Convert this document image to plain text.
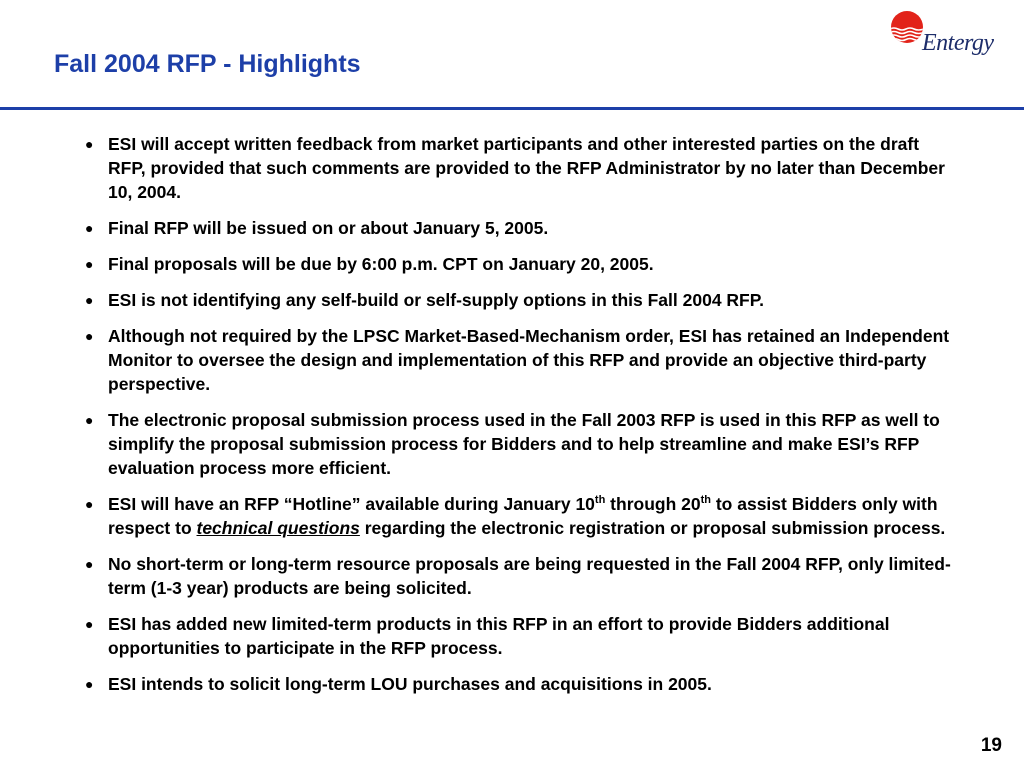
Fall 2004 RFP - Highlights
Entergy
● ESI will accept written feedback from market participants and other interested parties on the draft RFP, provided that such comments are provided to the RFP Administrator by no later than December 10, 2004.
● Final RFP will be issued on or about January 5, 2005.
● Final proposals will be due by 6:00 p.m. CPT on January 20, 2005.
● ESI is not identifying any self-build or self-supply options in this Fall 2004 RFP.
● Although not required by the LPSC Market-Based-Mechanism order, ESI has retained an Independent Monitor to oversee the design and implementation of this RFP and provide an objective third-party perspective.
● The electronic proposal submission process used in the Fall 2003 RFP is used in this RFP as well to simplify the proposal submission process for Bidders and to help streamline and make ESI’s RFP evaluation process more efficient.
● ESI will have an RFP “Hotline” available during January 10th through 20th to assist Bidders only with respect to technical questions regarding the electronic registration or proposal submission process.
● No short-term or long-term resource proposals are being requested in the Fall 2004 RFP, only limited-term (1-3 year) products are being solicited.
● ESI has added new limited-term products in this RFP in an effort to provide Bidders additional opportunities to participate in the RFP process.
● ESI intends to solicit long-term LOU purchases and acquisitions in 2005.
19
